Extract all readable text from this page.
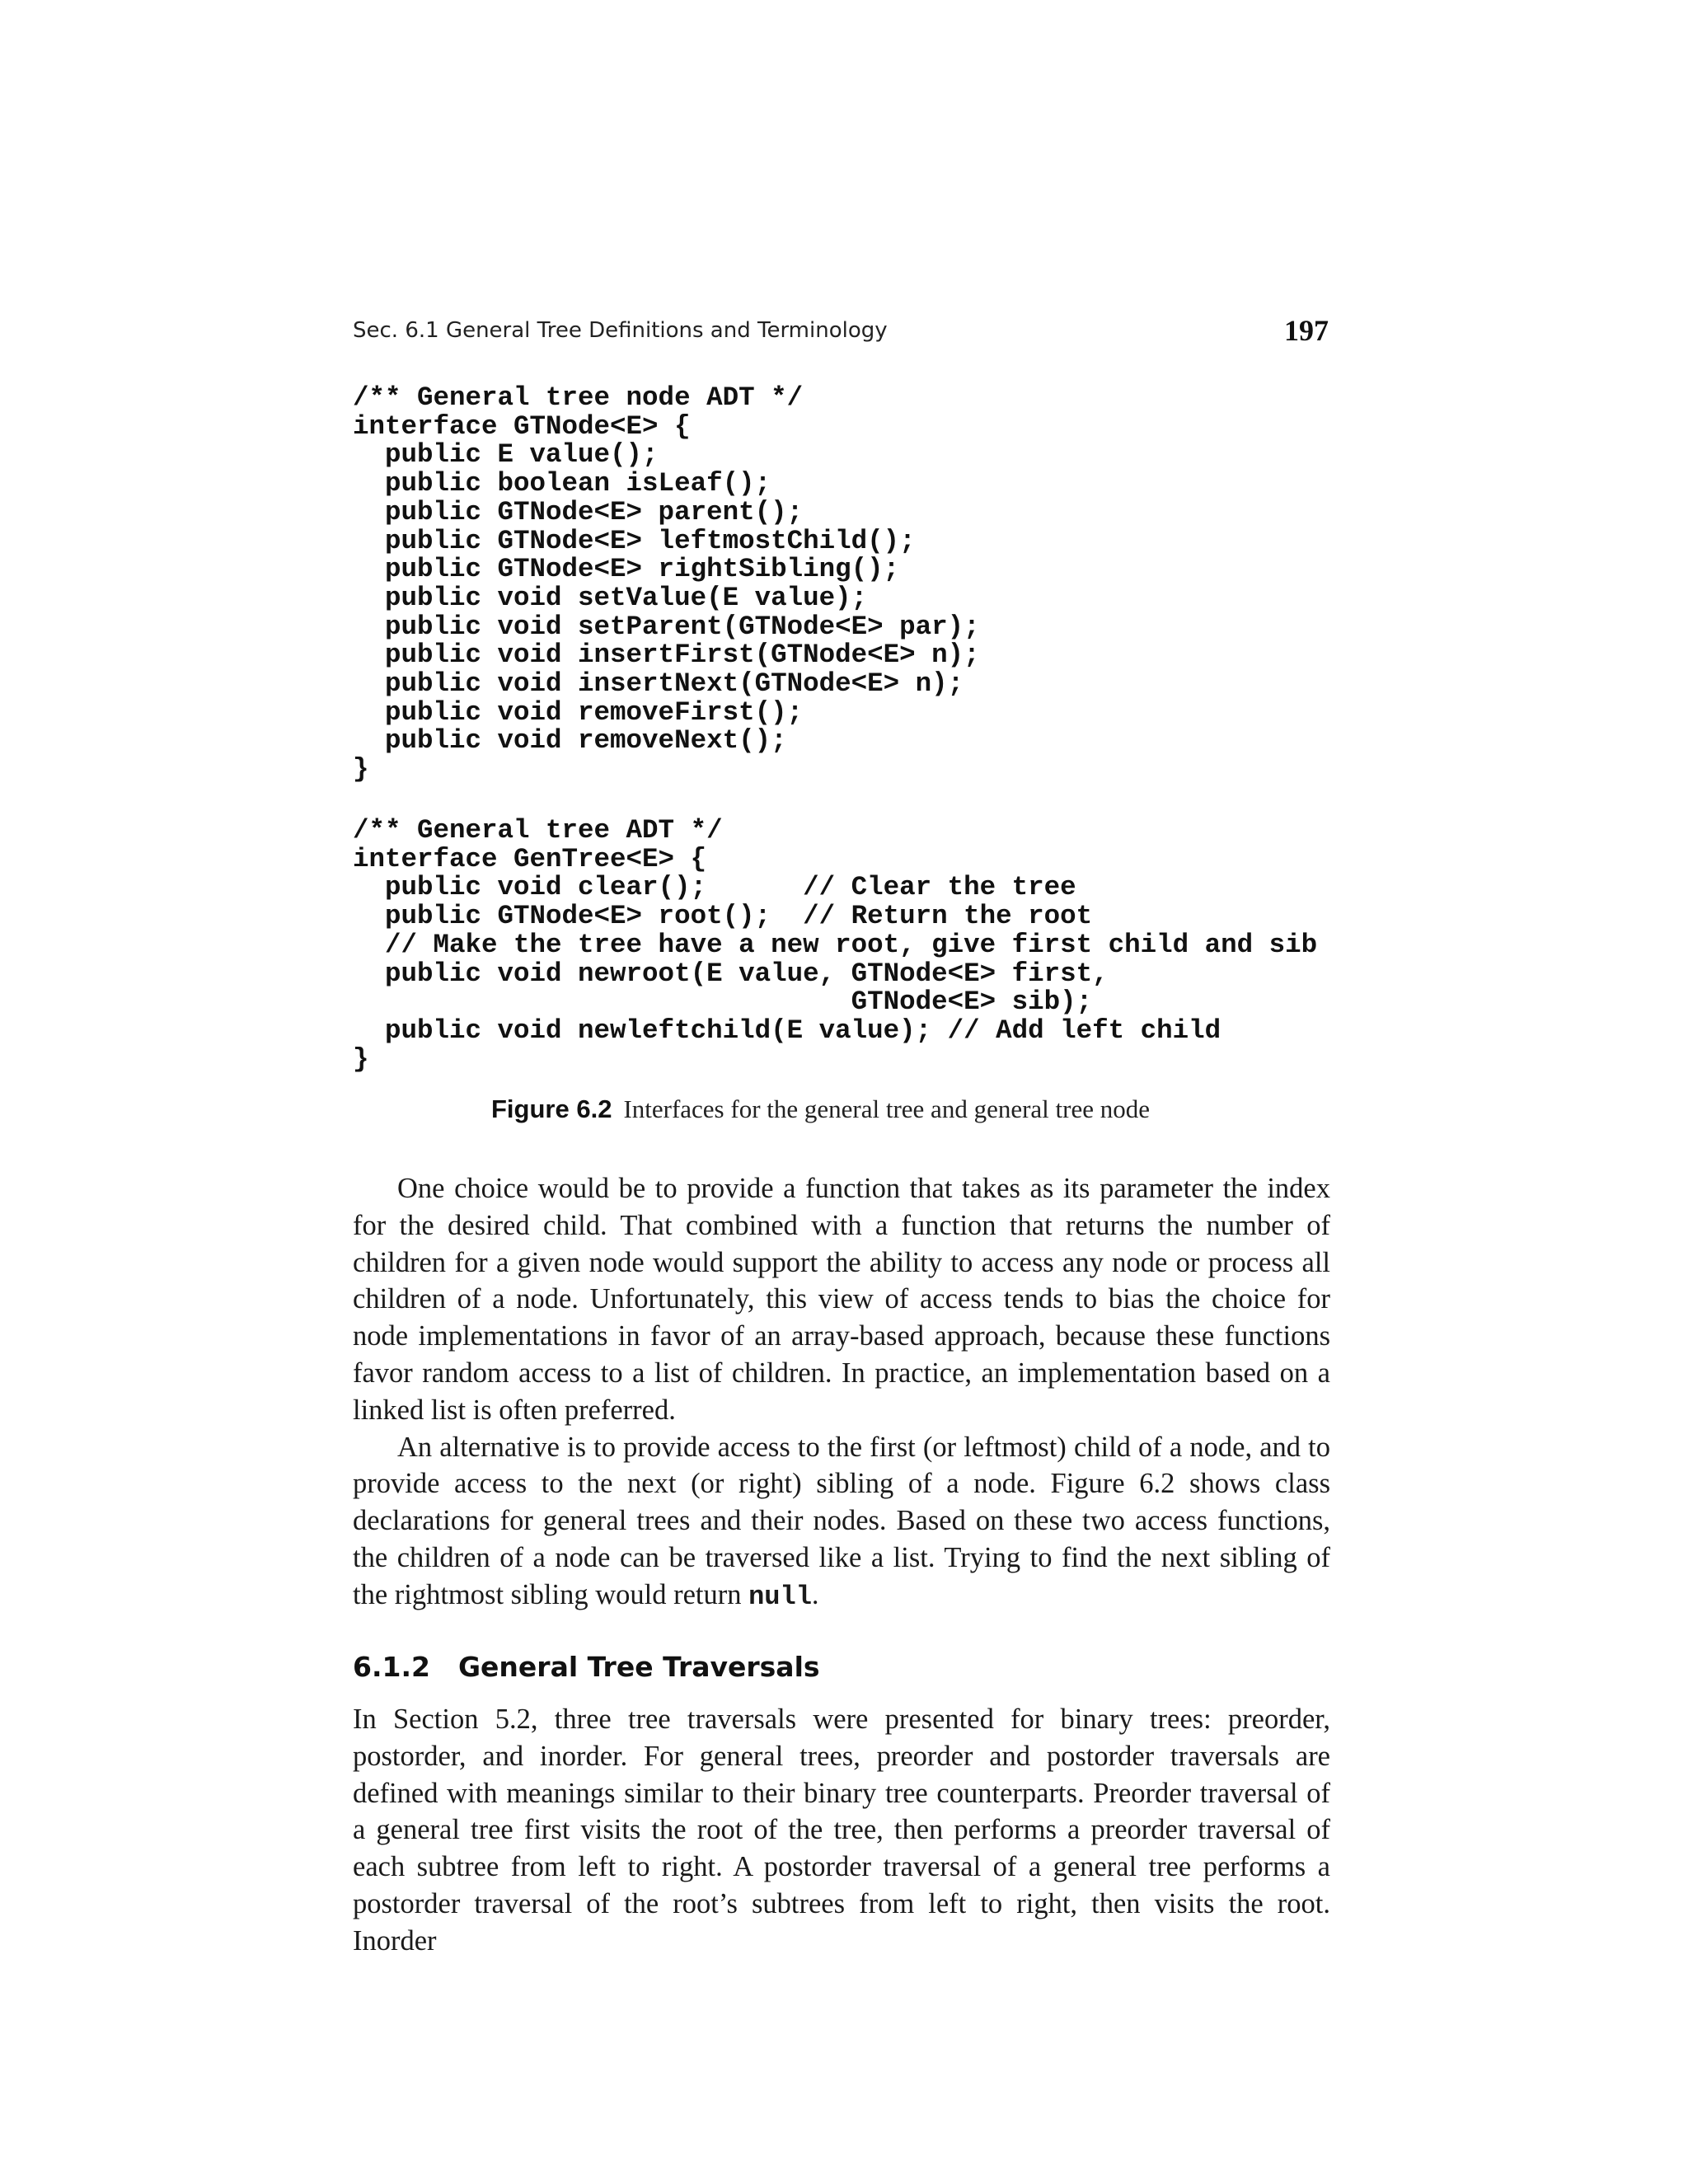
Sec. 6.1 General Tree Definitions and Terminology	197
/** General tree node ADT */
interface GTNode<E> {
public E value();
public boolean isLeaf();
public GTNode<E> parent();
public GTNode<E> leftmostChild();
public GTNode<E> rightSibling();
public void setValue(E value);
public void setParent(GTNode<E> par);
public void insertFirst(GTNode<E> n);
public void insertNext(GTNode<E> n);
public void removeFirst();
public void removeNext();
}
/** General tree ADT */
interface GenTree<E> {
public void clear();      // Clear the tree
public GTNode<E> root();  // Return the root
// Make the tree have a new root, give first child and sib
public void newroot(E value, GTNode<E> first,
GTNode<E> sib);
public void newleftchild(E value); // Add left child
}
Figure 6.2 Interfaces for the general tree and general tree node

One choice would be to provide a function that takes as its parameter the index for the desired child. That combined with a function that returns the number of children for a given node would support the ability to access any node or process all children of a node. Unfortunately, this view of access tends to bias the choice for node implementations in favor of an array-based approach, because these functions favor random access to a list of children. In practice, an implementation based on a linked list is often preferred.

An alternative is to provide access to the first (or leftmost) child of a node, and to provide access to the next (or right) sibling of a node. Figure 6.2 shows class declarations for general trees and their nodes. Based on these two access functions, the children of a node can be traversed like a list. Trying to find the next sibling of the rightmost sibling would return null.

6.1.2 General Tree Traversals

In Section 5.2, three tree traversals were presented for binary trees: preorder, postorder, and inorder. For general trees, preorder and postorder traversals are defined with meanings similar to their binary tree counterparts. Preorder traversal of a general tree first visits the root of the tree, then performs a preorder traversal of each subtree from left to right. A postorder traversal of a general tree performs a postorder traversal of the root’s subtrees from left to right, then visits the root. Inorder
